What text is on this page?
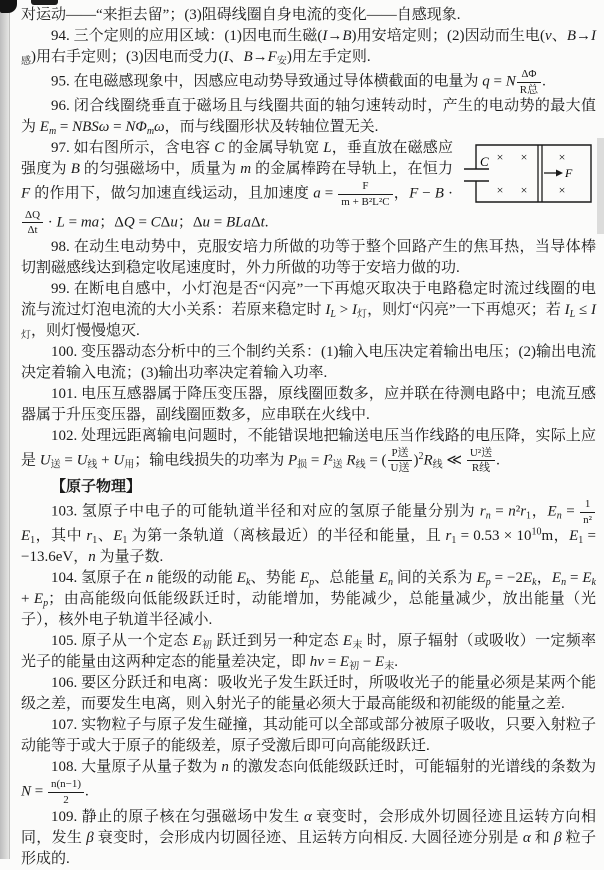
对运动——“来拒去留”；(3)阻碍线圈自身电流的变化——自感现象.

94. 三个定则的应用区域：(1)因电而生磁(I→B)用安培定则；(2)因动而生电(v、$B\to I_感$)用右手定则；(3)因电而受力(I、$B\to F_安$)用左手定则.

95. 在电磁感现象中，因感应电动势导致通过导体横截面的电量为 q = N $\frac{\Delta\Phi}{\text{R总}}$ .

96. 闭合线圈绕垂直于磁场且与线圈共面的轴匀速转动时，产生的电动势的最大值为 $E_m = NBS\omega = N\Phi_m\omega$，而与线圈形状及转轴位置无关.

C × ×	×
× ×	×
F
97. 如右图所示，含电容 C 的金属导轨宽 L，垂直放在磁感应强度为 B 的匀强磁场中，质量为 m 的金属棒跨在导轨上，在恒力 F 的作用下，做匀加速直线运动，且加速度 $a = \frac{F}{\text{m + B²L²C}}$ ，F − B ·
$\frac{\Delta Q}{\Delta t} \cdot L$ = ma；ΔQ = CΔu；Δu = BLaΔt.

98. 在动生电动势中，克服安培力所做的功等于整个回路产生的焦耳热，当导体棒切割磁感线达到稳定收尾速度时，外力所做的功等于安培力做的功.

99. 在断电自感中，小灯泡是否“闪亮”一下再熄灭取决于电路稳定时流过线圈的电流与流过灯泡电流的大小关系：若原来稳定时 $I_L > I_灯$，则灯“闪亮”一下再熄灭；若 $I_L \le I_灯$，则灯慢慢熄灭.

100. 变压器动态分析中的三个制约关系：(1)输入电压决定着输出电压；(2)输出电流决定着输入电流；(3)输出功率决定着输入功率.

101. 电压互感器属于降压变压器，原线圈匝数多，应并联在待测电路中；电流互感器属于升压变压器，副线圈匝数多，应串联在火线中.

102. 处理远距离输电问题时，不能错误地把输送电压当作线路的电压降，实际上应是 $U_送 = U_线 + U_用$；输电线损失的功率为 $P_损 = I^2_送$ $R_线$ = ( $\frac{\text{P送}}{\text{U送}} )^2R_线$ ≪ $\frac{\text{U²送}}{\text{R线}}$ .

【原子物理】

103. 氢原子中电子的可能轨道半径和对应的氢原子能量分别为 $r_n = n^2r_1$，$E_n = \frac{1}{\text{n²}}$
$E_1$，其中 $r_1$、$E_1$ 为第一条轨道（离核最近）的半径和能量，且 $r_1 = 0.53 \times 10^{10}m$，$E_1 = -13.6eV$，n 为量子数.

104. 氢原子在 n 能级的动能 $E_k$、势能 $E_p$、总能量 $E_n$ 间的关系为 $E_p = -2E_k$，$E_n = E_k + E_p$；由高能级向低能级跃迁时，动能增加，势能减少，总能量减少，放出能量（光子），核外电子轨道半径减小.

105. 原子从一个定态 $E_初$ 跃迁到另一种定态 $E_末$ 时，原子辐射（或吸收）一定频率光子的能量由这两种定态的能量差决定，即 $h\nu = E_初 - E_末$.

106. 要区分跃迁和电离：吸收光子发生跃迁时，所吸收光子的能量必须是某两个能级之差，而要发生电离，则入射光子的能量必须大于最高能级和初能级的能量之差.

107. 实物粒子与原子发生碰撞，其动能可以全部或部分被原子吸收，只要入射粒子动能等于或大于原子的能级差，原子受激后即可向高能级跃迁.

108. 大量原子从量子数为 n 的激发态向低能级跃迁时，可能辐射的光谱线的条数为 $N = \frac{n(n-1)}{2}$ .

109. 静止的原子核在匀强磁场中发生 α 衰变时，会形成外切圆径迹且运转方向相同，发生 β 衰变时，会形成内切圆径迹、且运转方向相反. 大圆径迹分别是 α 和 β 粒子形成的.
